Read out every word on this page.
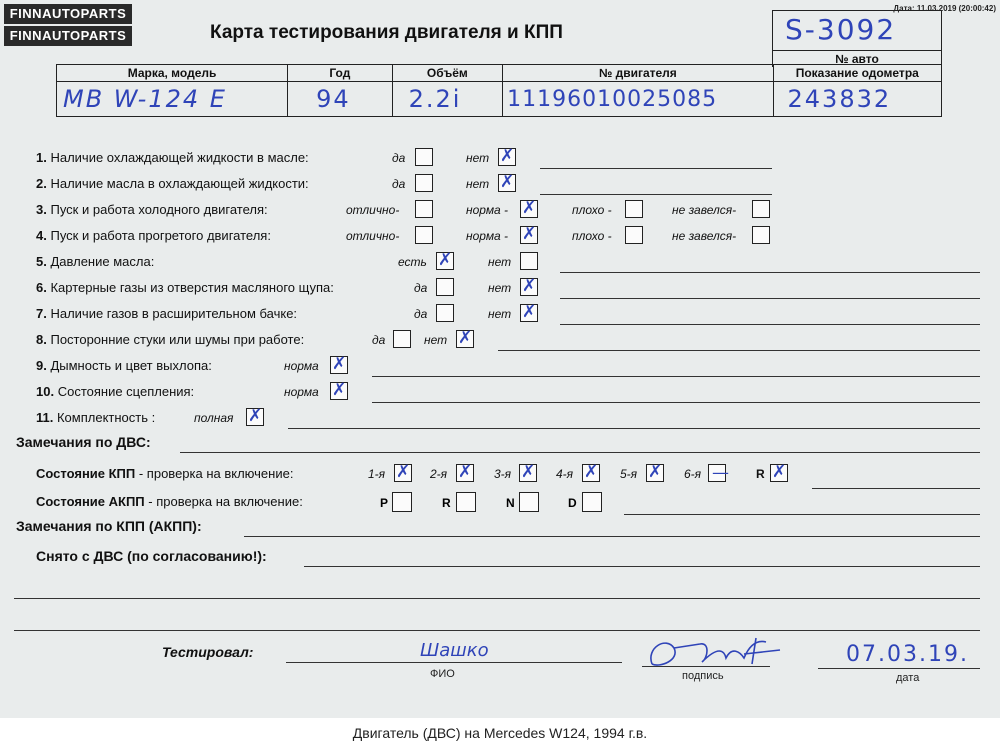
FINNAUTOPARTS
FINNAUTOPARTS
Дата: 11.03.2019 (20:00:42)
Карта тестирования двигателя и КПП	S-3092
№ авто
Марка, модель	Год	Объём	№ двигателя	Показание одометра

MB W-124 E	94	2.2i	11196010025085	243832
1. Наличие охлаждающей жидкости в масле:	да	нет ✗
2. Наличие масла в охлаждающей жидкости:	да	нет ✗
3. Пуск и работа холодного двигателя:	отлично-	норма - ✗	плохо -	не завелся-
4. Пуск и работа прогретого двигателя:	отлично-	норма - ✗	плохо -	не завелся-
5. Давление масла:	есть ✗	нет
6. Картерные газы из отверстия масляного щупа:	да	нет ✗
7. Наличие газов в расширительном бачке:	да	нет ✗
8. Посторонние стуки или шумы при работе:	да	нет ✗
9. Дымность и цвет выхлопа:	норма ✗
10. Состояние сцепления:	норма ✗
11. Комплектность :	полная ✗
Замечания по ДВС:
Состояние КПП - проверка на включение:	1-я ✗ 2-я ✗ 3-я ✗ 4-я ✗ 5-я ✗ 6-я — R ✗
Состояние АКПП - проверка на включение:	P	R	N	D
Замечания по КПП (АКПП):
Снято с ДВС (по согласованию!):
Тестировал:	Шашко
ФИО	подпись
07.03.19.
дата
Двигатель (ДВС) на Mercedes W124, 1994 г.в.
